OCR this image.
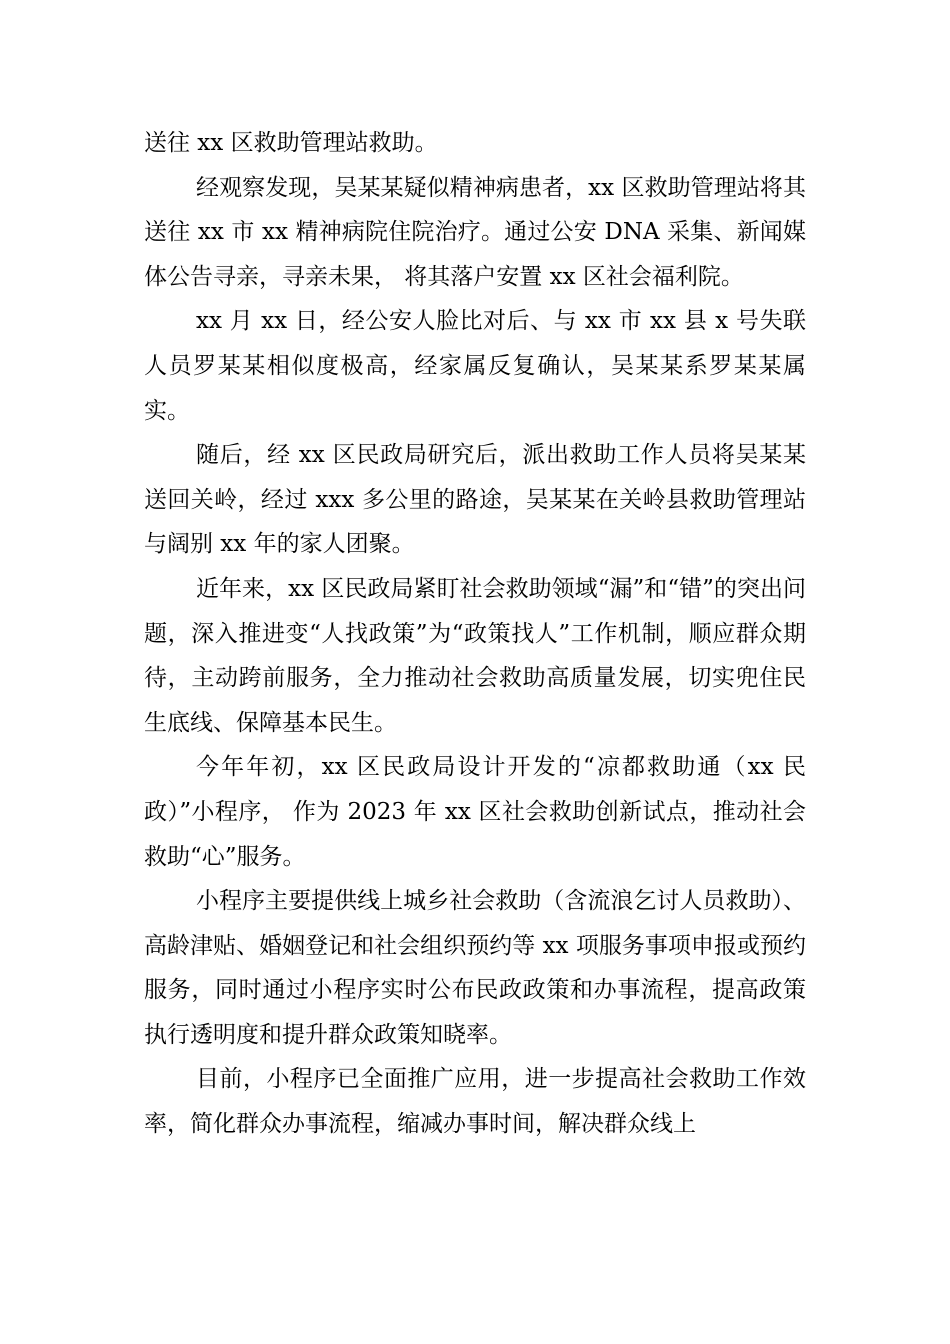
送往 xx 区救助管理站救助。

经观察发现，吴某某疑似精神病患者，xx 区救助管理站将其送往 xx 市 xx 精神病院住院治疗。通过公安 DNA 采集、新闻媒体公告寻亲，寻亲未果， 将其落户安置 xx 区社会福利院。

xx 月 xx 日，经公安人脸比对后、与 xx 市 xx 县 x 号失联人员罗某某相似度极高，经家属反复确认，吴某某系罗某某属实。

随后，经 xx 区民政局研究后，派出救助工作人员将吴某某送回关岭，经过 xxx 多公里的路途，吴某某在关岭县救助管理站与阔别 xx 年的家人团聚。

近年来，xx 区民政局紧盯社会救助领域“漏”和“错”的突出问题，深入推进变“人找政策”为“政策找人”工作机制，顺应群众期待，主动跨前服务，全力推动社会救助高质量发展，切实兜住民生底线、保障基本民生。

今年年初，xx 区民政局设计开发的“凉都救助通（xx 民政）”小程序， 作为 2023 年 xx 区社会救助创新试点，推动社会救助“心”服务。

小程序主要提供线上城乡社会救助（含流浪乞讨人员救助）、高龄津贴、婚姻登记和社会组织预约等 xx 项服务事项申报或预约服务，同时通过小程序实时公布民政政策和办事流程，提高政策执行透明度和提升群众政策知晓率。

目前，小程序已全面推广应用，进一步提高社会救助工作效率，简化群众办事流程，缩减办事时间，解决群众线上
